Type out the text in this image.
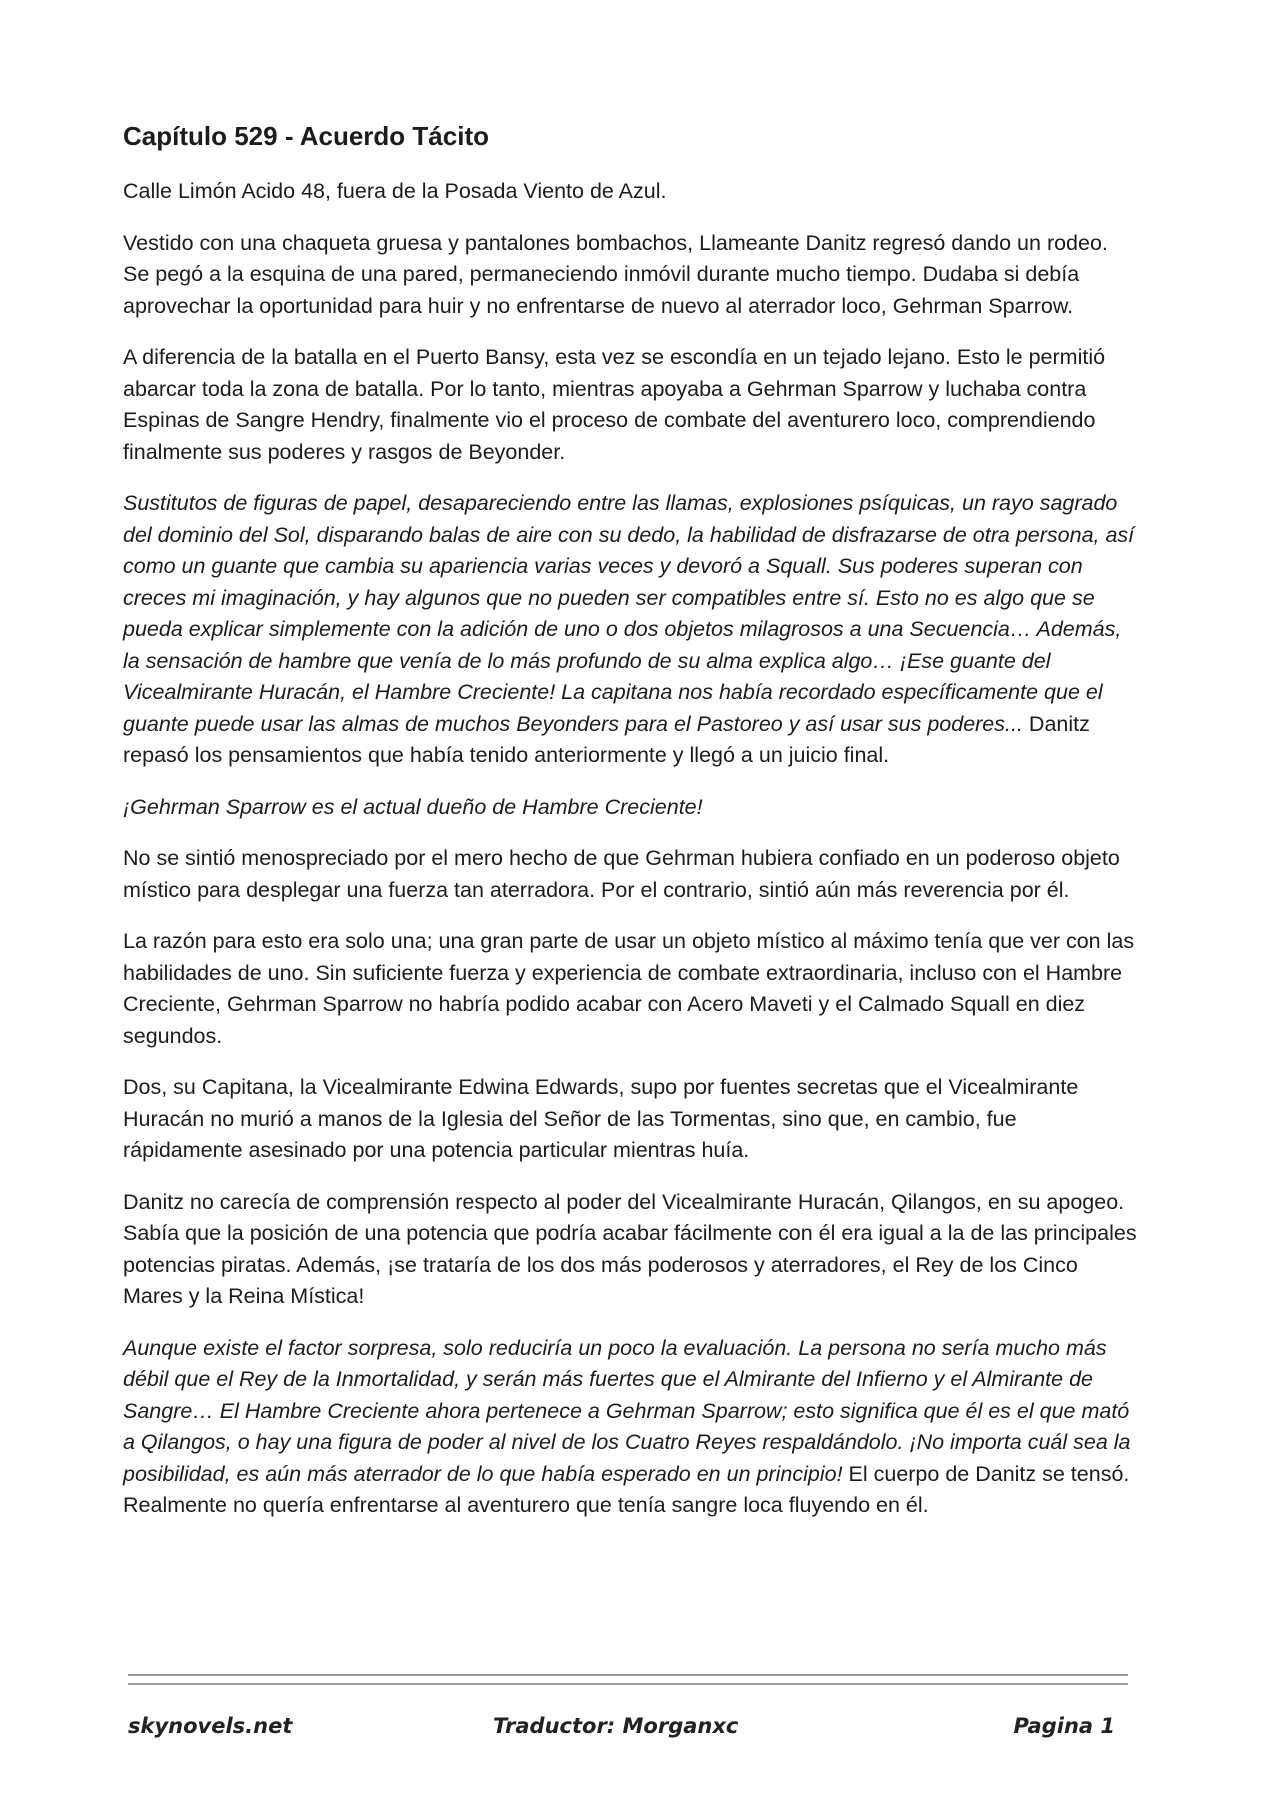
Capítulo 529 - Acuerdo Tácito

Calle Limón Acido 48, fuera de la Posada Viento de Azul.

Vestido con una chaqueta gruesa y pantalones bombachos, Llameante Danitz regresó dando un rodeo. Se pegó a la esquina de una pared, permaneciendo inmóvil durante mucho tiempo. Dudaba si debía aprovechar la oportunidad para huir y no enfrentarse de nuevo al aterrador loco, Gehrman Sparrow.

A diferencia de la batalla en el Puerto Bansy, esta vez se escondía en un tejado lejano. Esto le permitió abarcar toda la zona de batalla. Por lo tanto, mientras apoyaba a Gehrman Sparrow y luchaba contra Espinas de Sangre Hendry, finalmente vio el proceso de combate del aventurero loco, comprendiendo finalmente sus poderes y rasgos de Beyonder.

Sustitutos de figuras de papel, desapareciendo entre las llamas, explosiones psíquicas, un rayo sagrado del dominio del Sol, disparando balas de aire con su dedo, la habilidad de disfrazarse de otra persona, así como un guante que cambia su apariencia varias veces y devoró a Squall. Sus poderes superan con creces mi imaginación, y hay algunos que no pueden ser compatibles entre sí. Esto no es algo que se pueda explicar simplemente con la adición de uno o dos objetos milagrosos a una Secuencia… Además, la sensación de hambre que venía de lo más profundo de su alma explica algo… ¡Ese guante del Vicealmirante Huracán, el Hambre Creciente! La capitana nos había recordado específicamente que el guante puede usar las almas de muchos Beyonders para el Pastoreo y así usar sus poderes... Danitz repasó los pensamientos que había tenido anteriormente y llegó a un juicio final.

¡Gehrman Sparrow es el actual dueño de Hambre Creciente!

No se sintió menospreciado por el mero hecho de que Gehrman hubiera confiado en un poderoso objeto místico para desplegar una fuerza tan aterradora. Por el contrario, sintió aún más reverencia por él.

La razón para esto era solo una; una gran parte de usar un objeto místico al máximo tenía que ver con las habilidades de uno. Sin suficiente fuerza y experiencia de combate extraordinaria, incluso con el Hambre Creciente, Gehrman Sparrow no habría podido acabar con Acero Maveti y el Calmado Squall en diez segundos.

Dos, su Capitana, la Vicealmirante Edwina Edwards, supo por fuentes secretas que el Vicealmirante Huracán no murió a manos de la Iglesia del Señor de las Tormentas, sino que, en cambio, fue rápidamente asesinado por una potencia particular mientras huía.

Danitz no carecía de comprensión respecto al poder del Vicealmirante Huracán, Qilangos, en su apogeo. Sabía que la posición de una potencia que podría acabar fácilmente con él era igual a la de las principales potencias piratas. Además, ¡se trataría de los dos más poderosos y aterradores, el Rey de los Cinco Mares y la Reina Mística!

Aunque existe el factor sorpresa, solo reduciría un poco la evaluación. La persona no sería mucho más débil que el Rey de la Inmortalidad, y serán más fuertes que el Almirante del Infierno y el Almirante de Sangre… El Hambre Creciente ahora pertenece a Gehrman Sparrow; esto significa que él es el que mató a Qilangos, o hay una figura de poder al nivel de los Cuatro Reyes respaldándolo. ¡No importa cuál sea la posibilidad, es aún más aterrador de lo que había esperado en un principio! El cuerpo de Danitz se tensó. Realmente no quería enfrentarse al aventurero que tenía sangre loca fluyendo en él.

skynovels.net	Traductor: Morganxc	Pagina 1
